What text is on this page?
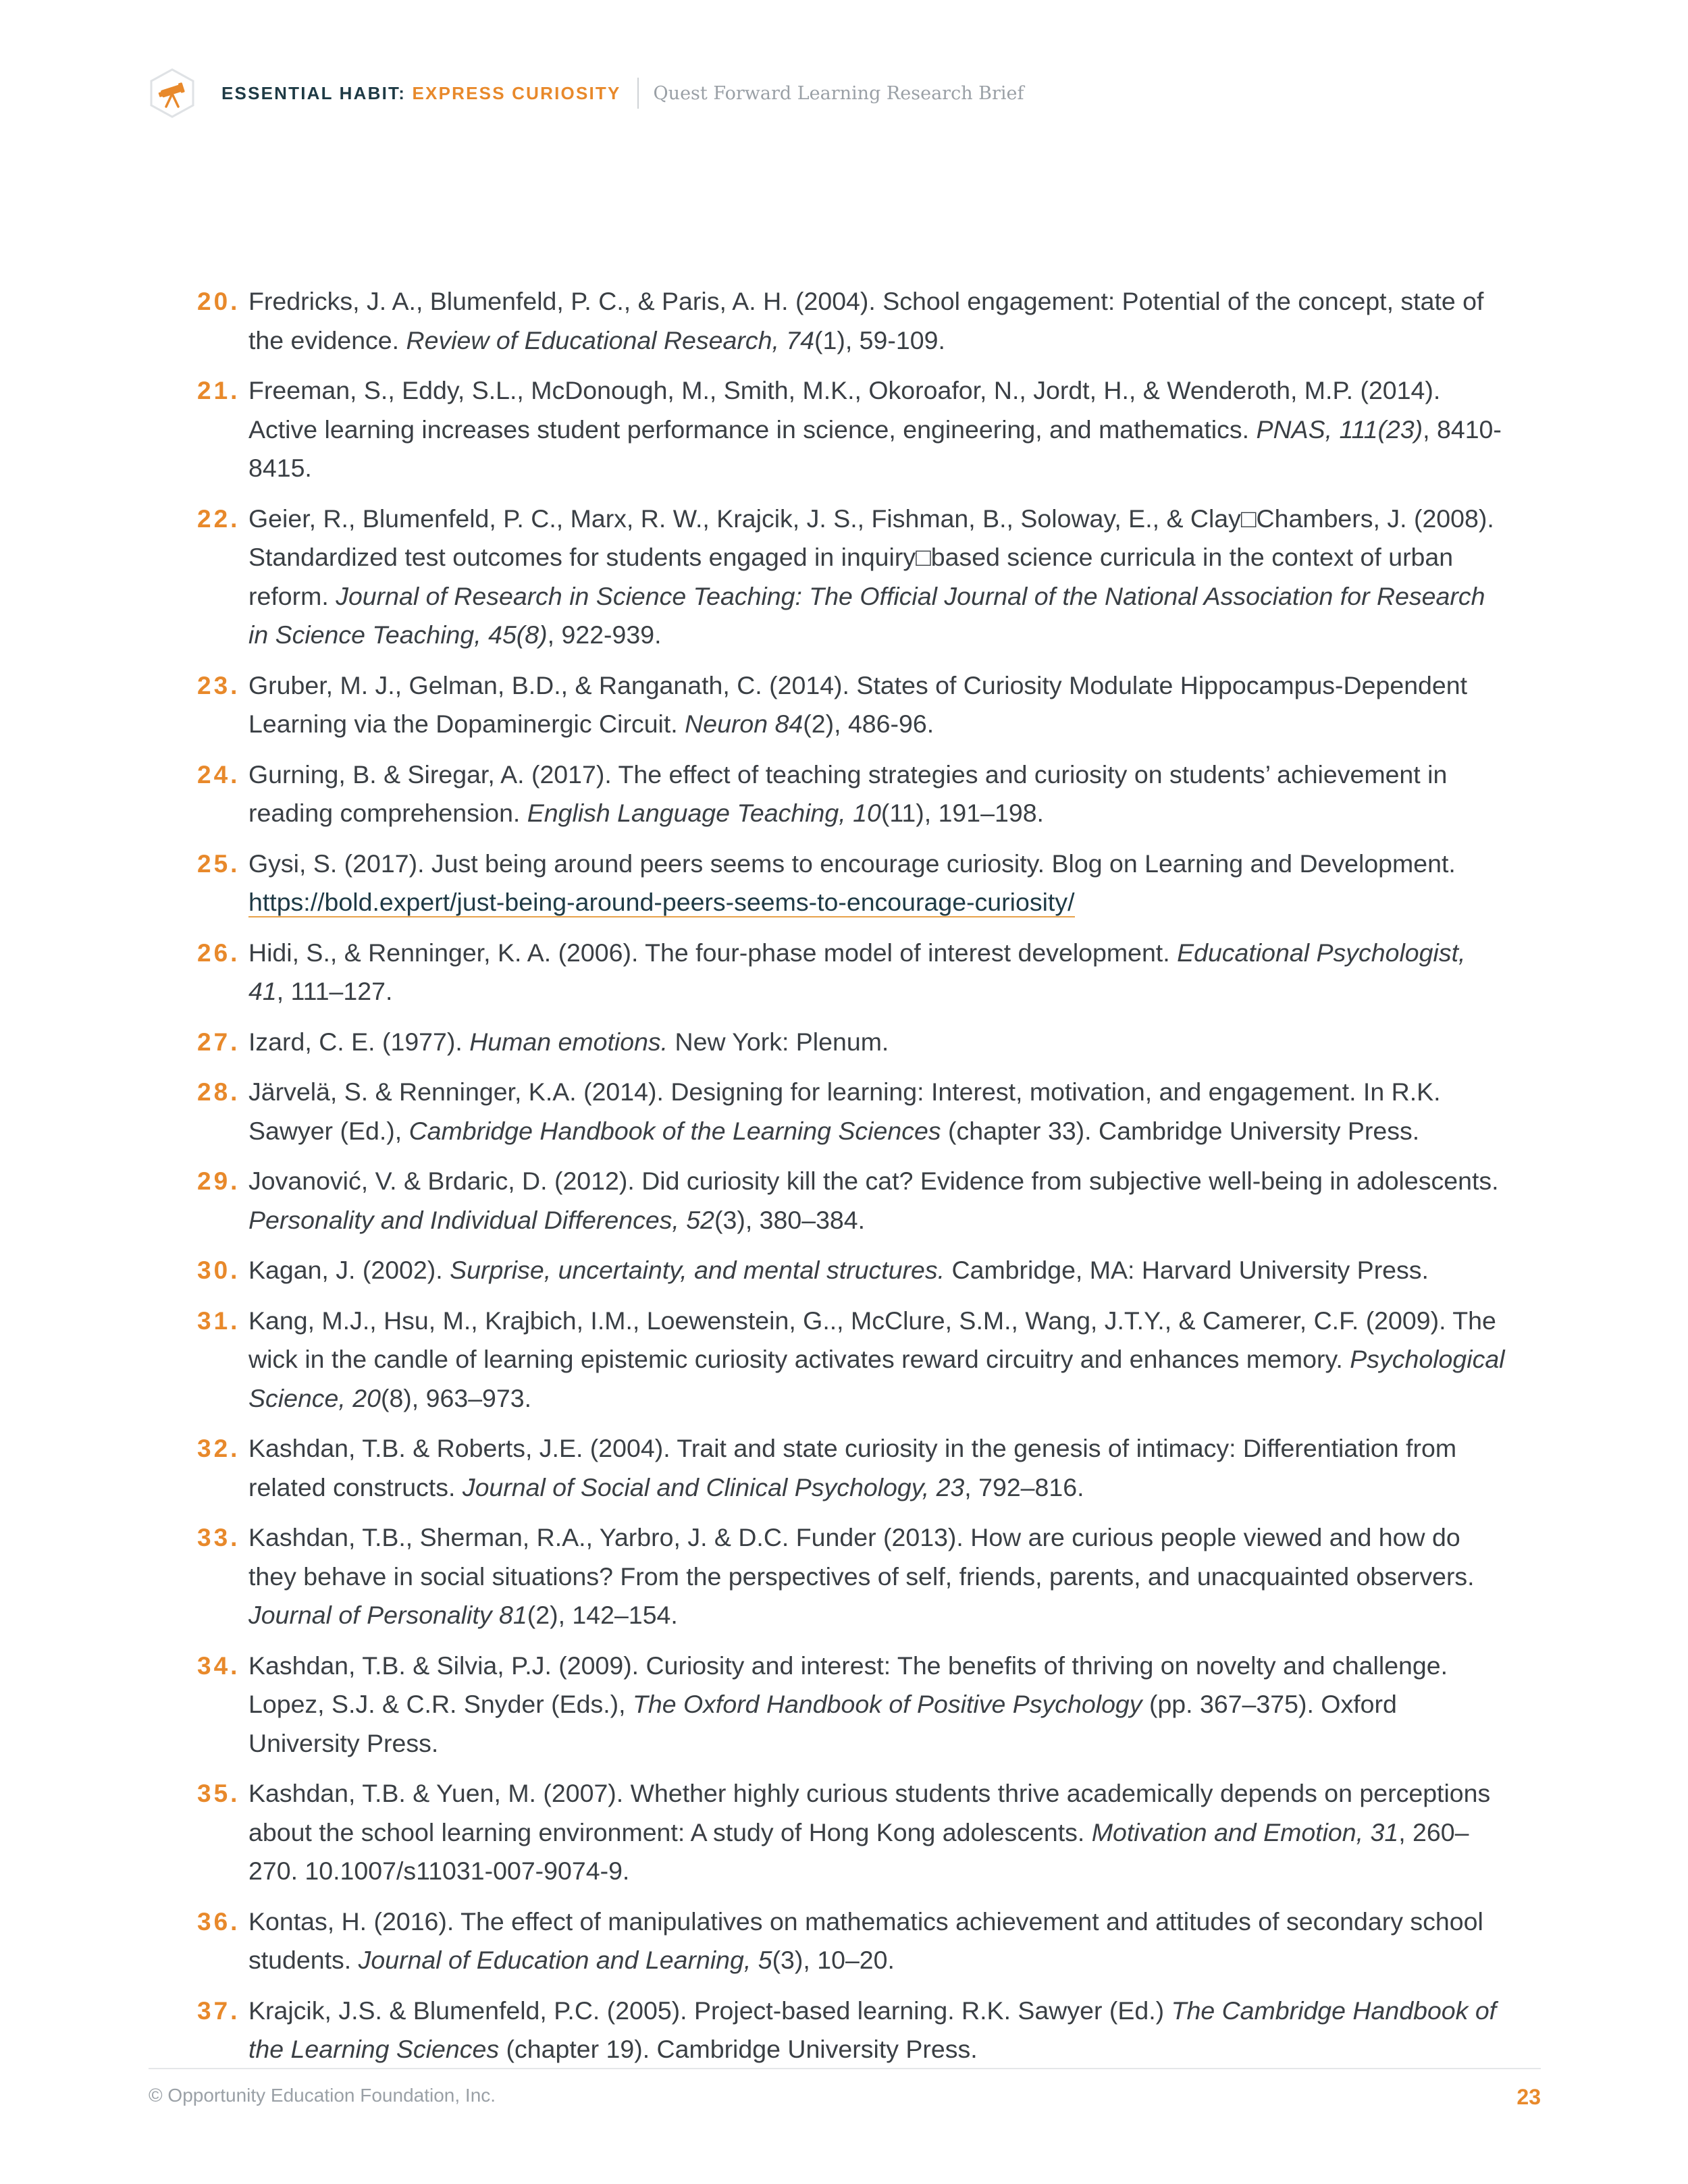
ESSENTIAL HABIT: EXPRESS CURIOSITY Quest Forward Learning Research Brief
20. Fredricks, J. A., Blumenfeld, P. C., & Paris, A. H. (2004). School engagement: Potential of the concept, state of the evidence. Review of Educational Research, 74(1), 59-109.
21. Freeman, S., Eddy, S.L., McDonough, M., Smith, M.K., Okoroafor, N., Jordt, H., & Wenderoth, M.P. (2014). Active learning increases student performance in science, engineering, and mathematics. PNAS, 111(23), 8410-8415.
22. Geier, R., Blumenfeld, P. C., Marx, R. W., Krajcik, J. S., Fishman, B., Soloway, E., & Clay□Chambers, J. (2008). Standardized test outcomes for students engaged in inquiry□based science curricula in the context of urban reform. Journal of Research in Science Teaching: The Official Journal of the National Association for Research in Science Teaching, 45(8), 922-939.
23. Gruber, M. J., Gelman, B.D., & Ranganath, C. (2014). States of Curiosity Modulate Hippocampus-Dependent Learning via the Dopaminergic Circuit. Neuron 84(2), 486-96.
24. Gurning, B. & Siregar, A. (2017). The effect of teaching strategies and curiosity on students’ achievement in reading comprehension. English Language Teaching, 10(11), 191–198.
25. Gysi, S. (2017). Just being around peers seems to encourage curiosity. Blog on Learning and Development. https://bold.expert/just-being-around-peers-seems-to-encourage-curiosity/
26. Hidi, S., & Renninger, K. A. (2006). The four-phase model of interest development. Educational Psychologist, 41, 111–127.
27. Izard, C. E. (1977). Human emotions. New York: Plenum.
28. Järvelä, S. & Renninger, K.A. (2014). Designing for learning: Interest, motivation, and engagement. In R.K. Sawyer (Ed.), Cambridge Handbook of the Learning Sciences (chapter 33). Cambridge University Press.
29. Jovanović, V. & Brdaric, D. (2012). Did curiosity kill the cat? Evidence from subjective well-being in adolescents. Personality and Individual Differences, 52(3), 380–384.
30. Kagan, J. (2002). Surprise, uncertainty, and mental structures. Cambridge, MA: Harvard University Press.
31. Kang, M.J., Hsu, M., Krajbich, I.M., Loewenstein, G.., McClure, S.M., Wang, J.T.Y., & Camerer, C.F. (2009). The wick in the candle of learning epistemic curiosity activates reward circuitry and enhances memory. Psychological Science, 20(8), 963–973.
32. Kashdan, T.B. & Roberts, J.E. (2004). Trait and state curiosity in the genesis of intimacy: Differentiation from related constructs. Journal of Social and Clinical Psychology, 23, 792–816.
33. Kashdan, T.B., Sherman, R.A., Yarbro, J. & D.C. Funder (2013). How are curious people viewed and how do they behave in social situations? From the perspectives of self, friends, parents, and unacquainted observers. Journal of Personality 81(2), 142–154.
34. Kashdan, T.B. & Silvia, P.J. (2009). Curiosity and interest: The benefits of thriving on novelty and challenge. Lopez, S.J. & C.R. Snyder (Eds.), The Oxford Handbook of Positive Psychology (pp. 367–375). Oxford University Press.
35. Kashdan, T.B. & Yuen, M. (2007). Whether highly curious students thrive academically depends on perceptions about the school learning environment: A study of Hong Kong adolescents. Motivation and Emotion, 31, 260–270. 10.1007/s11031-007-9074-9.
36. Kontas, H. (2016). The effect of manipulatives on mathematics achievement and attitudes of secondary school students. Journal of Education and Learning, 5(3), 10–20.
37. Krajcik, J.S. & Blumenfeld, P.C. (2005). Project-based learning. R.K. Sawyer (Ed.) The Cambridge Handbook of the Learning Sciences (chapter 19). Cambridge University Press.
© Opportunity Education Foundation, Inc.	23
